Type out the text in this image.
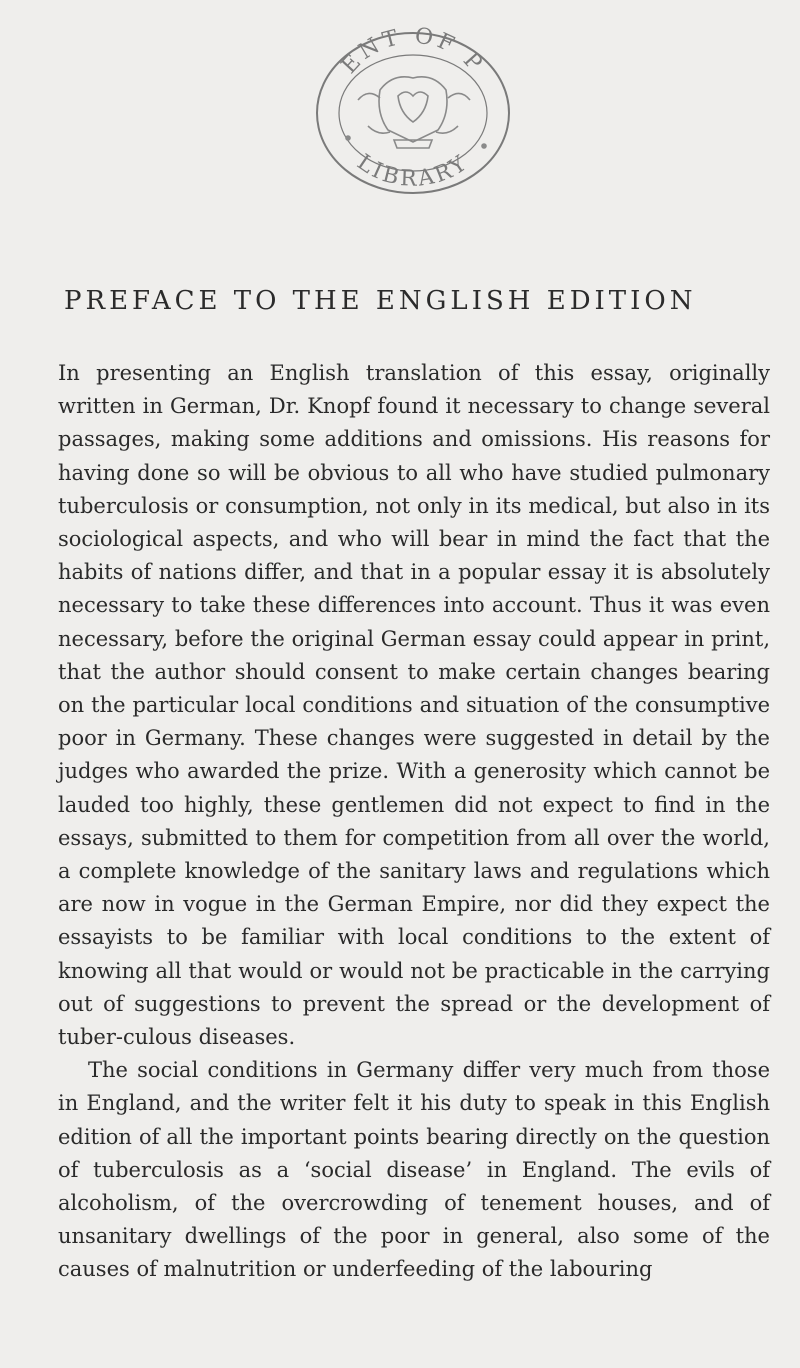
ENT OF P
LIBRARY
PREFACE TO THE ENGLISH EDITION

In presenting an English translation of this essay, originally written in German, Dr. Knopf found it necessary to change several passages, making some additions and omissions. His reasons for having done so will be obvious to all who have studied pulmonary tuberculosis or consumption, not only in its medical, but also in its sociological aspects, and who will bear in mind the fact that the habits of nations differ, and that in a popular essay it is absolutely necessary to take these differences into account. Thus it was even necessary, before the original German essay could appear in print, that the author should consent to make certain changes bearing on the particular local conditions and situation of the consumptive poor in Germany. These changes were suggested in detail by the judges who awarded the prize. With a generosity which cannot be lauded too highly, these gentlemen did not expect to find in the essays, submitted to them for competition from all over the world, a complete knowledge of the sanitary laws and regulations which are now in vogue in the German Empire, nor did they expect the essayists to be familiar with local conditions to the extent of knowing all that would or would not be practicable in the carrying out of suggestions to prevent the spread or the development of tuber-culous diseases.

The social conditions in Germany differ very much from those in England, and the writer felt it his duty to speak in this English edition of all the important points bearing directly on the question of tuberculosis as a ‘social disease’ in England. The evils of alcoholism, of the overcrowding of tenement houses, and of unsanitary dwellings of the poor in general, also some of the causes of malnutrition or underfeeding of the labouring
